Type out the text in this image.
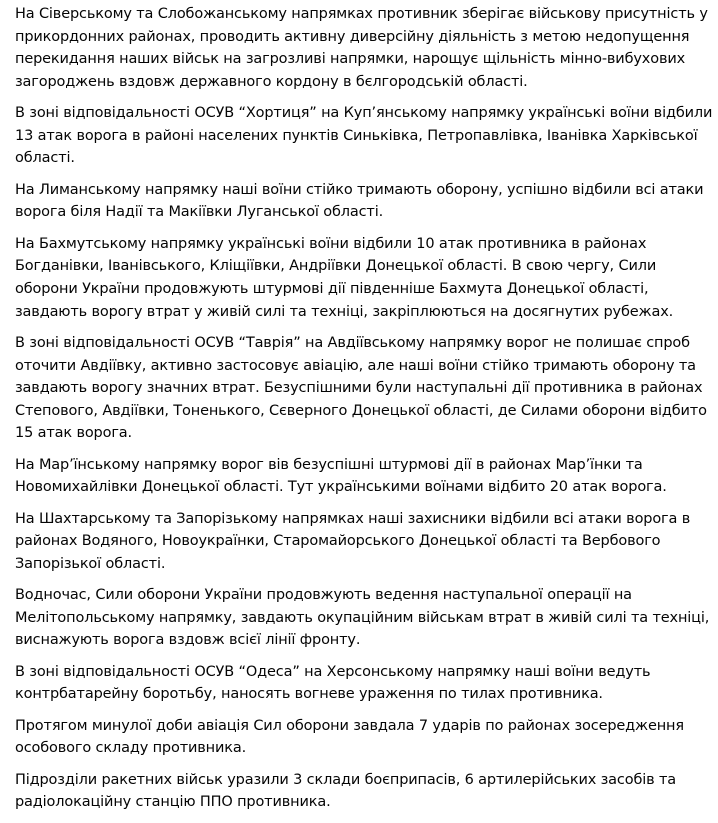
На Сіверському та Слобожанському напрямках противник зберігає військову присутність у прикордонних районах, проводить активну диверсійну діяльність з метою недопущення перекидання наших військ на загрозливі напрямки, нарощує щільність мінно-вибухових загороджень вздовж державного кордону в бєлгородській області.
В зоні відповідальності ОСУВ “Хортиця” на Куп’янському напрямку українські воїни відбили 13 атак ворога в районі населених пунктів Синьківка, Петропавлівка, Іванівка Харківської області.
На Лиманському напрямку наші воїни стійко тримають оборону, успішно відбили всі атаки ворога біля Надії та Макіївки Луганської області.
На Бахмутському напрямку українські воїни відбили 10 атак противника в районах Богданівки, Іванівського, Кліщіївки, Андріївки Донецької області. В свою чергу, Сили оборони України продовжують штурмові дії південніше Бахмута Донецької області, завдають ворогу втрат у живій силі та техніці, закріплюються на досягнутих рубежах.
В зоні відповідальності ОСУВ “Таврія” на Авдіївському напрямку ворог не полишає спроб оточити Авдіївку, активно застосовує авіацію, але наші воїни стійко тримають оборону та завдають ворогу значних втрат. Безуспішними були наступальні дії противника в районах Степового, Авдіївки, Тоненького, Сєверного Донецької області, де Силами оборони відбито 15 атак ворога.
На Мар’їнському напрямку ворог вів безуспішні штурмові дії в районах Мар’їнки та Новомихайлівки Донецької області. Тут українськими воїнами відбито 20 атак ворога.
На Шахтарському та Запорізькому напрямках наші захисники відбили всі атаки ворога в районах Водяного, Новоукраїнки, Старомайорського Донецької області та Вербового Запорізької області.
Водночас, Сили оборони України продовжують ведення наступальної операції на Мелітопольському напрямку, завдають окупаційним військам втрат в живій силі та техніці, виснажують ворога вздовж всієї лінії фронту.
В зоні відповідальності ОСУВ “Одеса” на Херсонському напрямку наші воїни ведуть контрбатарейну боротьбу, наносять вогневе ураження по тилах противника.
Протягом минулої доби авіація Сил оборони завдала 7 ударів по районах зосередження особового складу противника.
Підрозділи ракетних військ уразили 3 склади боєприпасів, 6 артилерійських засобів та радіолокаційну станцію ППО противника.
